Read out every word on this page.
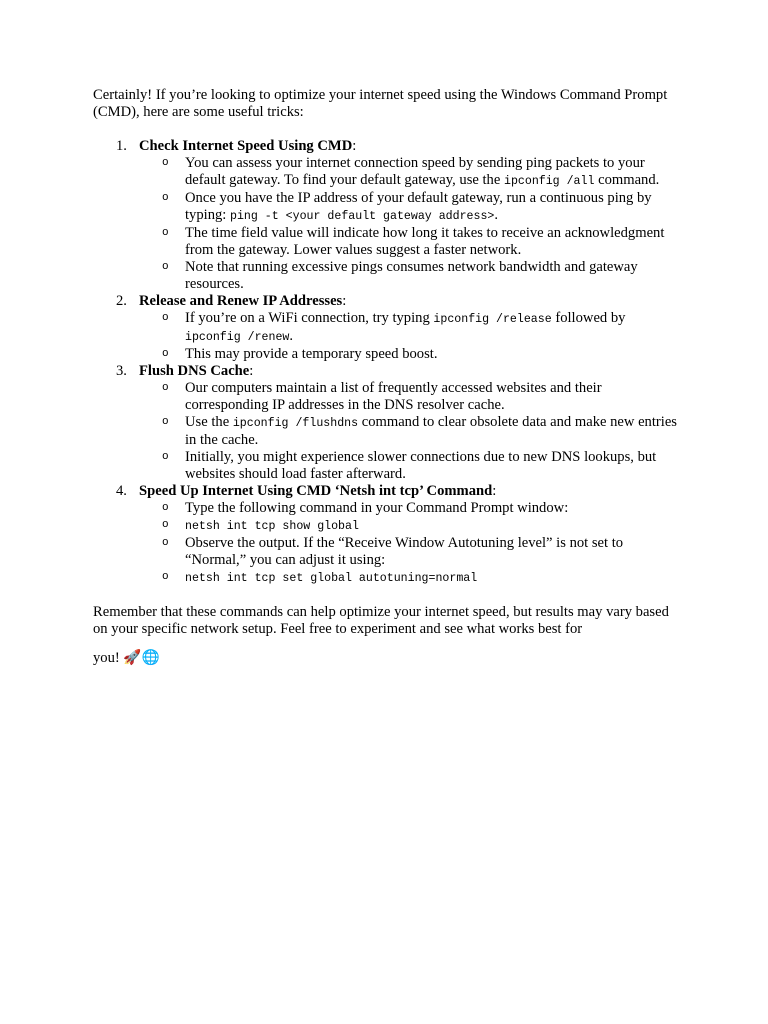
Certainly! If you’re looking to optimize your internet speed using the Windows Command Prompt (CMD), here are some useful tricks:

1. Check Internet Speed Using CMD:
o You can assess your internet connection speed by sending ping packets to your default gateway. To find your default gateway, use the ipconfig /all command.
o Once you have the IP address of your default gateway, run a continuous ping by typing: ping -t <your default gateway address>.
o The time field value will indicate how long it takes to receive an acknowledgment from the gateway. Lower values suggest a faster network.
o Note that running excessive pings consumes network bandwidth and gateway resources.
2. Release and Renew IP Addresses:
o If you’re on a WiFi connection, try typing ipconfig /release followed by ipconfig /renew.
o This may provide a temporary speed boost.
3. Flush DNS Cache:
o Our computers maintain a list of frequently accessed websites and their corresponding IP addresses in the DNS resolver cache.
o Use the ipconfig /flushdns command to clear obsolete data and make new entries in the cache.
o Initially, you might experience slower connections due to new DNS lookups, but websites should load faster afterward.
4. Speed Up Internet Using CMD ‘Netsh int tcp’ Command:
o Type the following command in your Command Prompt window:
o netsh int tcp show global
o Observe the output. If the “Receive Window Autotuning level” is not set to “Normal,” you can adjust it using:
o netsh int tcp set global autotuning=normal

Remember that these commands can help optimize your internet speed, but results may vary based on your specific network setup. Feel free to experiment and see what works best for

you! 🚀🌐
